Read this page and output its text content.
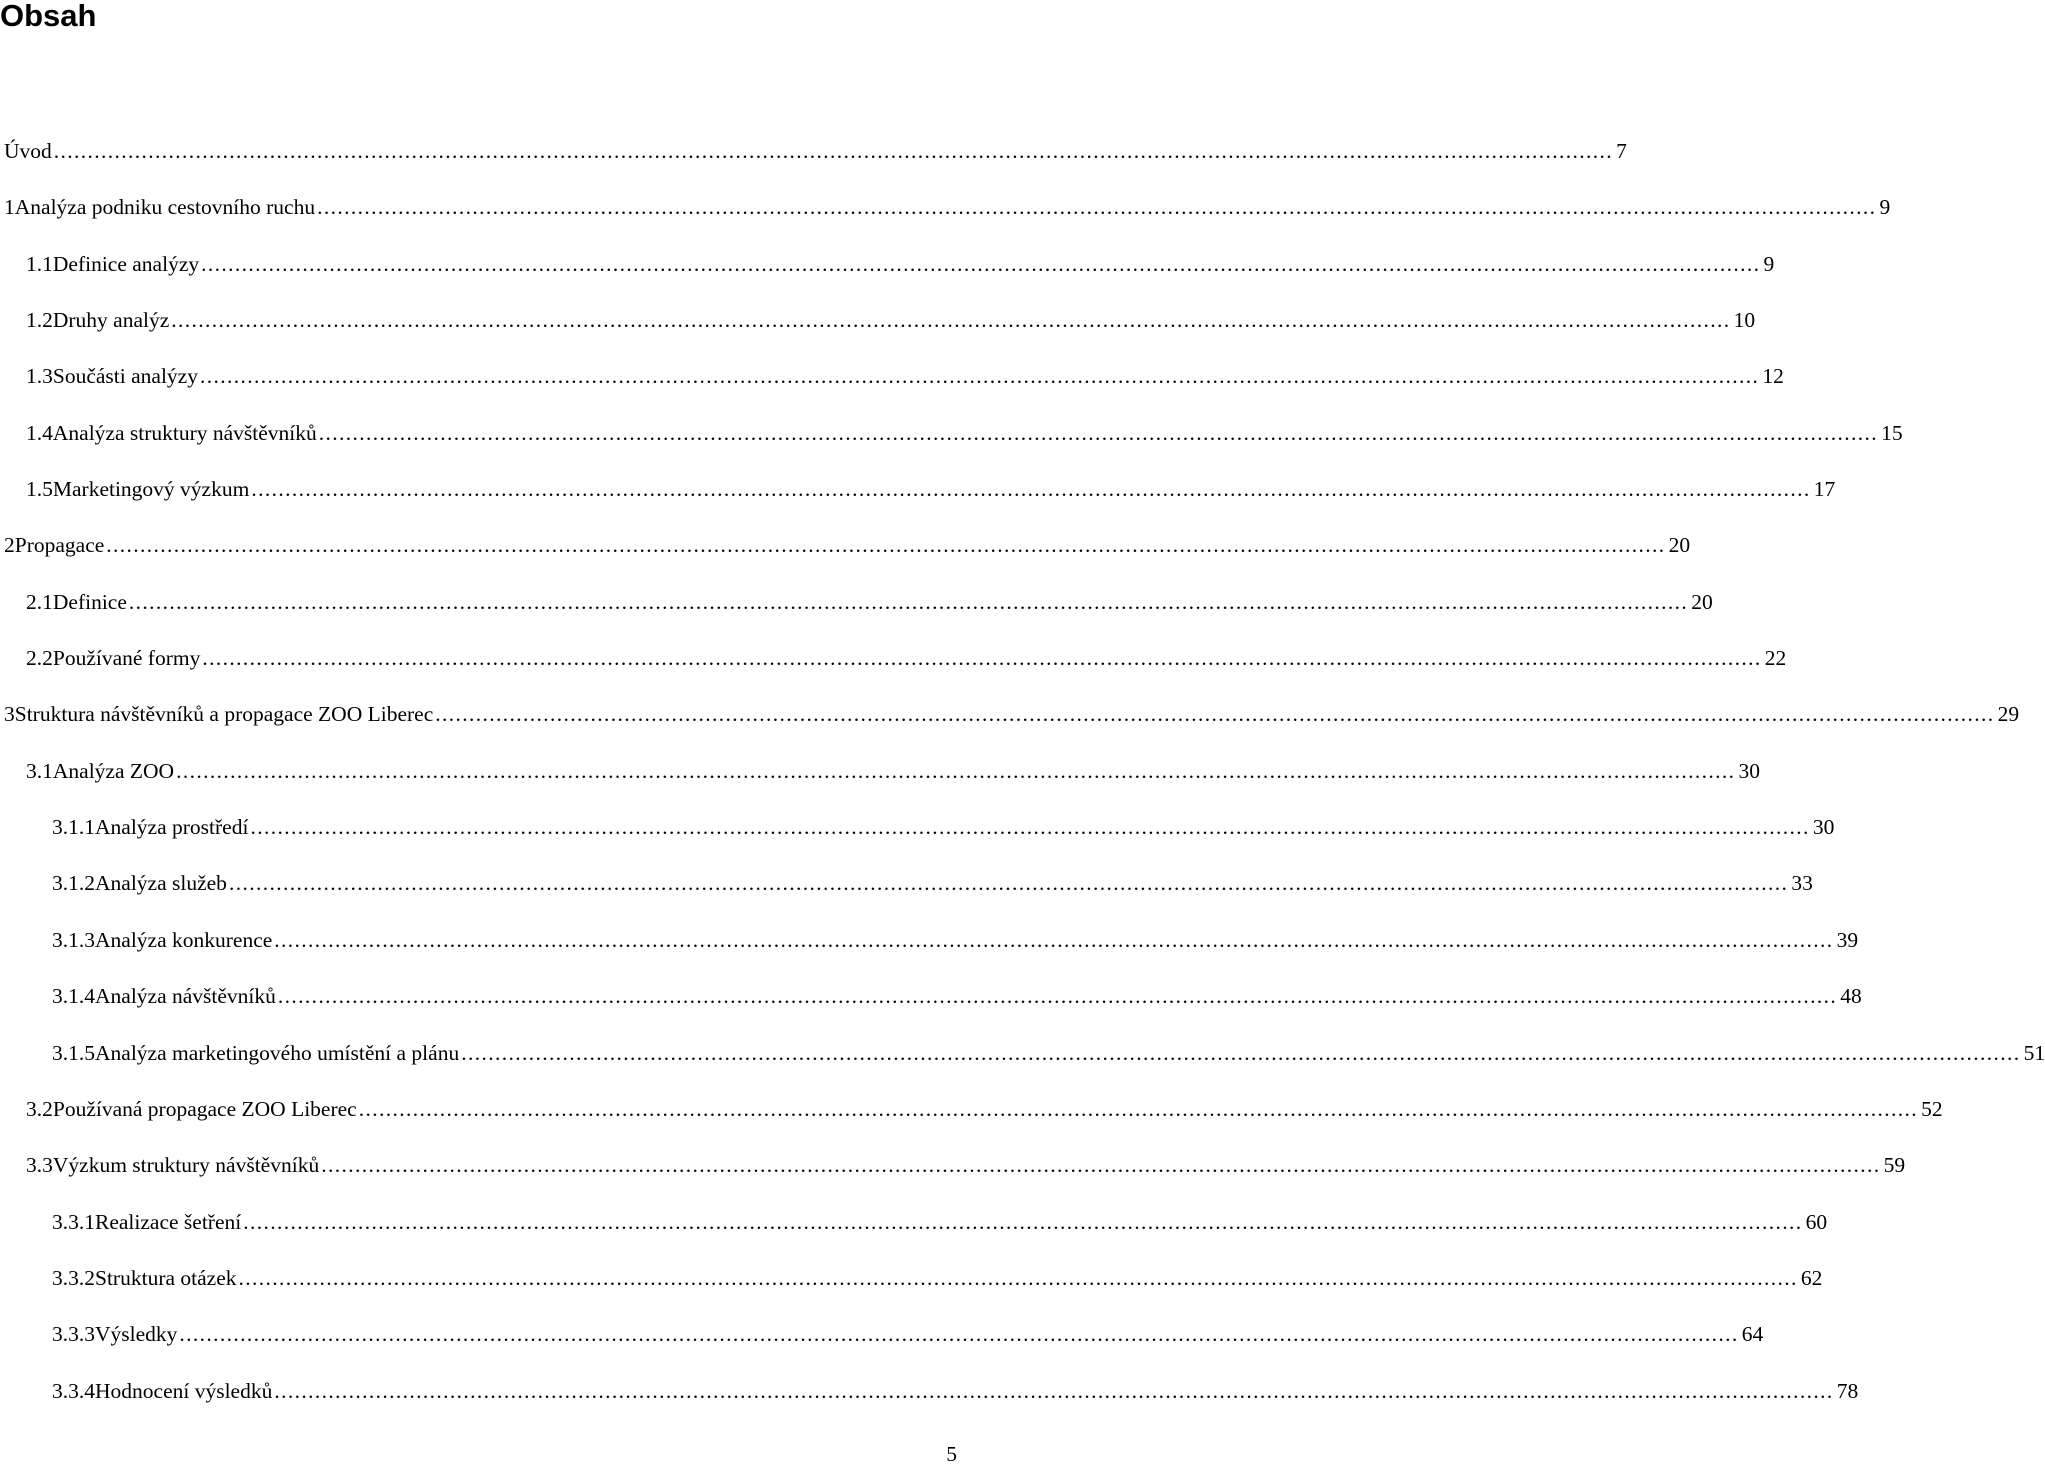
Obsah
Úvod . . .	7
1 Analýza podniku cestovního ruchu . . .	9
1.1 Definice analýzy . . .	9
1.2 Druhy analýz . . .	10
1.3 Součásti analýzy . . .	12
1.4 Analýza struktury návštěvníků . . .	15
1.5 Marketingový výzkum . . .	17
2 Propagace . . .	20
2.1 Definice . . .	20
2.2 Používané formy . . .	22
3 Struktura návštěvníků a propagace ZOO Liberec . . .	29
3.1 Analýza ZOO . . .	30
3.1.1 Analýza prostředí . . .	30
3.1.2 Analýza služeb . . .	33
3.1.3 Analýza konkurence . . .	39
3.1.4 Analýza návštěvníků . . .	48
3.1.5 Analýza marketingového umístění a plánu . . .	51
3.2 Používaná propagace ZOO Liberec . . .	52
3.3 Výzkum struktury návštěvníků . . .	59
3.3.1 Realizace šetření . . .	60
3.3.2 Struktura otázek . . .	62
3.3.3 Výsledky . . .	64
3.3.4 Hodnocení výsledků . . .	78
5
